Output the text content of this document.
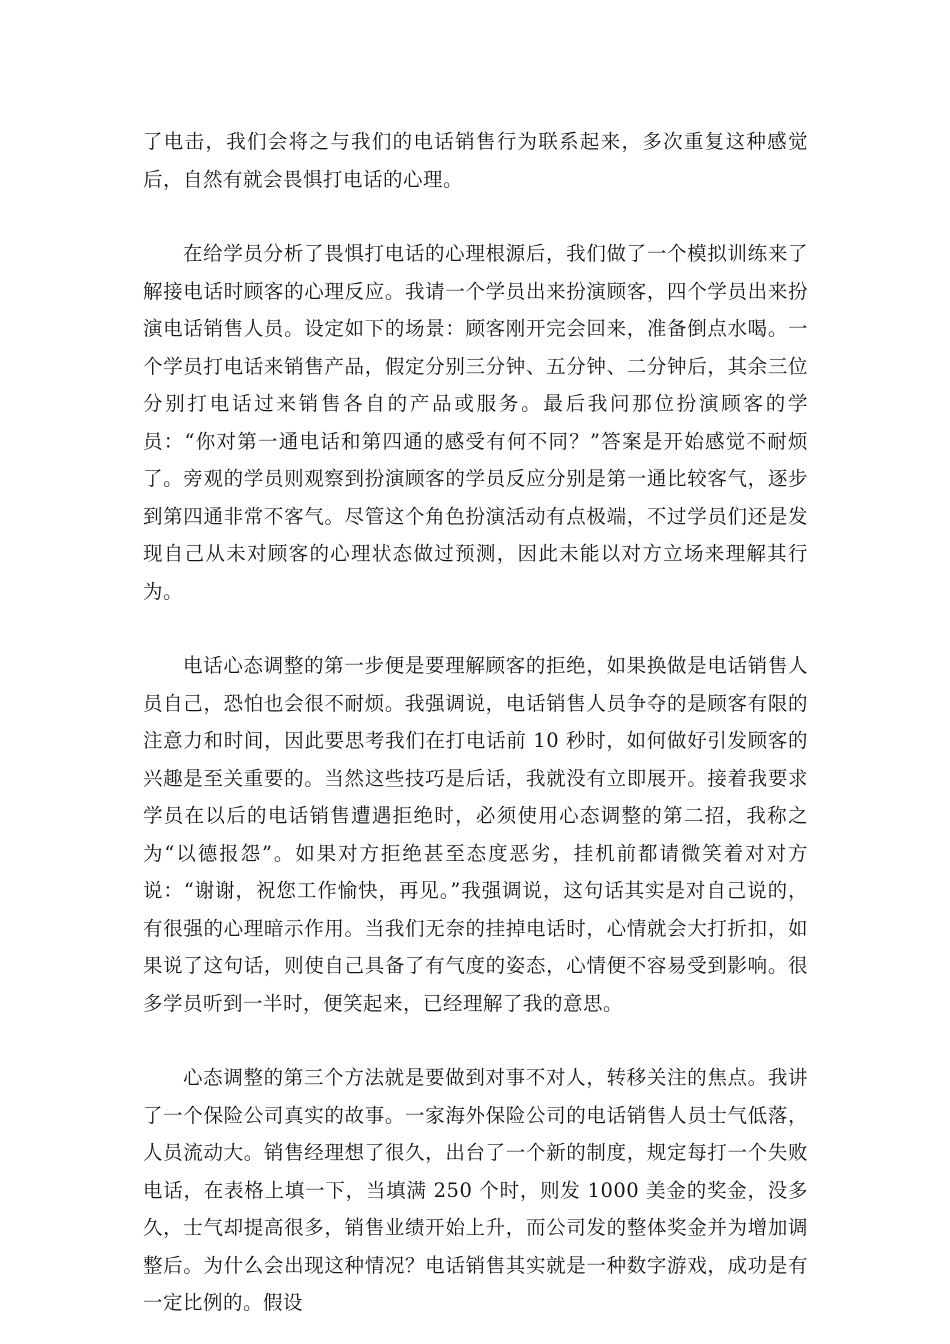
了电击，我们会将之与我们的电话销售行为联系起来，多次重复这种感觉后，自然有就会畏惧打电话的心理。

在给学员分析了畏惧打电话的心理根源后，我们做了一个模拟训练来了解接电话时顾客的心理反应。我请一个学员出来扮演顾客，四个学员出来扮演电话销售人员。设定如下的场景：顾客刚开完会回来，准备倒点水喝。一个学员打电话来销售产品，假定分别三分钟、五分钟、二分钟后，其余三位分别打电话过来销售各自的产品或服务。最后我问那位扮演顾客的学员：“你对第一通电话和第四通的感受有何不同？”答案是开始感觉不耐烦了。旁观的学员则观察到扮演顾客的学员反应分别是第一通比较客气，逐步到第四通非常不客气。尽管这个角色扮演活动有点极端，不过学员们还是发现自己从未对顾客的心理状态做过预测，因此未能以对方立场来理解其行为。

电话心态调整的第一步便是要理解顾客的拒绝，如果换做是电话销售人员自己，恐怕也会很不耐烦。我强调说，电话销售人员争夺的是顾客有限的注意力和时间，因此要思考我们在打电话前 10 秒时，如何做好引发顾客的兴趣是至关重要的。当然这些技巧是后话，我就没有立即展开。接着我要求学员在以后的电话销售遭遇拒绝时，必须使用心态调整的第二招，我称之为“以德报怨”。如果对方拒绝甚至态度恶劣，挂机前都请微笑着对对方说：“谢谢，祝您工作愉快，再见。”我强调说，这句话其实是对自己说的，有很强的心理暗示作用。当我们无奈的挂掉电话时，心情就会大打折扣，如果说了这句话，则使自己具备了有气度的姿态，心情便不容易受到影响。很多学员听到一半时，便笑起来，已经理解了我的意思。

心态调整的第三个方法就是要做到对事不对人，转移关注的焦点。我讲了一个保险公司真实的故事。一家海外保险公司的电话销售人员士气低落，人员流动大。销售经理想了很久，出台了一个新的制度，规定每打一个失败电话，在表格上填一下，当填满 250 个时，则发 1000 美金的奖金，没多久，士气却提高很多，销售业绩开始上升，而公司发的整体奖金并为增加调整后。为什么会出现这种情况？电话销售其实就是一种数字游戏，成功是有一定比例的。假设
